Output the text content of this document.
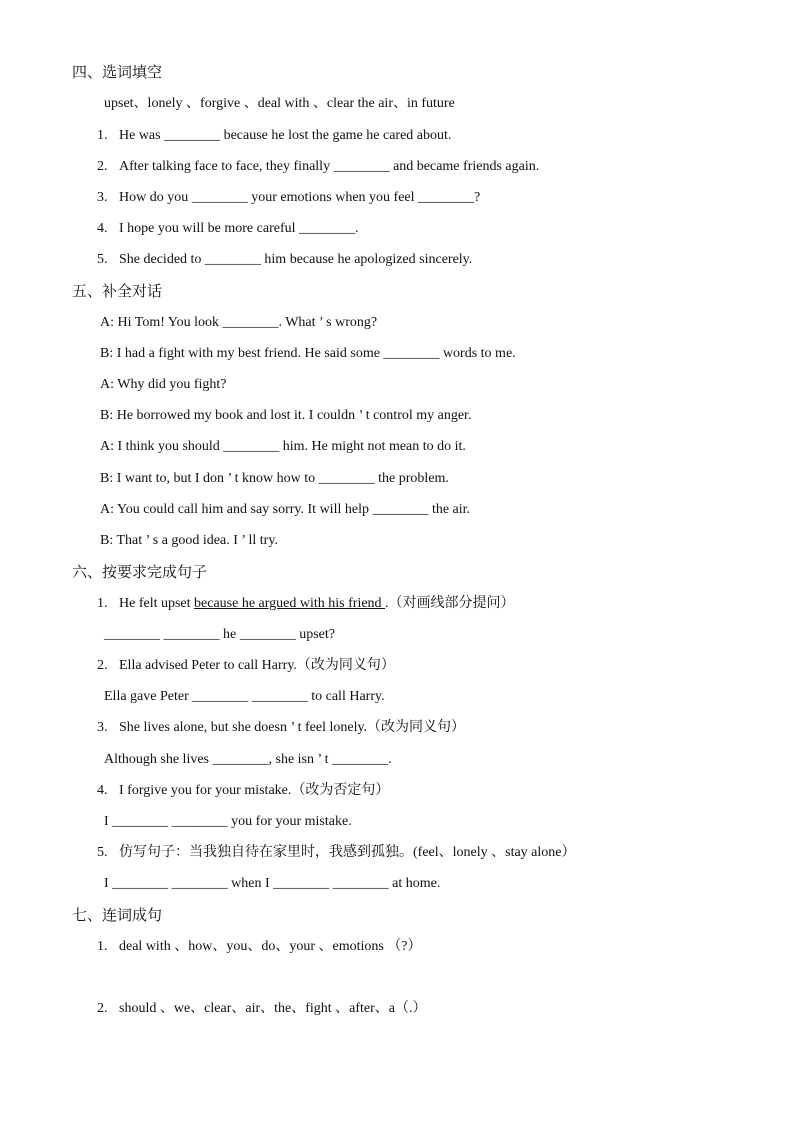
四、选词填空
upset、lonely 、forgive 、deal with 、clear the air、in future
1. He was ________ because he lost the game he cared about.
2. After talking face to face, they finally ________ and became friends again.
3. How do you ________ your emotions when you feel ________?
4. I hope you will be more careful ________.
5. She decided to ________ him because he apologized sincerely.
五、补全对话
A: Hi Tom! You look ________. What ’ s wrong?
B: I had a fight with my best friend. He said some ________ words to me.
A: Why did you fight?
B: He borrowed my book and lost it. I couldn ’ t control my anger.
A: I think you should ________ him. He might not mean to do it.
B: I want to, but I don ’ t know how to ________ the problem.
A: You could call him and say sorry. It will help ________ the air.
B: That ’ s a good idea. I ’ ll try.
六、按要求完成句子
1. He felt upset because he argued with his friend .（对画线部分提问）
________ ________ he ________ upset?
2. Ella advised Peter to call Harry.（改为同义句）
Ella gave Peter ________ ________ to call Harry.
3. She lives alone, but she doesn ’ t feel lonely.（改为同义句）
Although she lives ________, she isn ’ t ________.
4. I forgive you for your mistake.（改为否定句）
I ________ ________ you for your mistake.
5. 仿写句子：当我独自待在家里时，我感到孤独。(feel、lonely 、stay alone）
I ________ ________ when I ________ ________ at home.
七、连词成句
1. deal with 、how、you、do、your 、emotions （?）
2. should 、we、clear、air、the、fight 、after、a（.）
